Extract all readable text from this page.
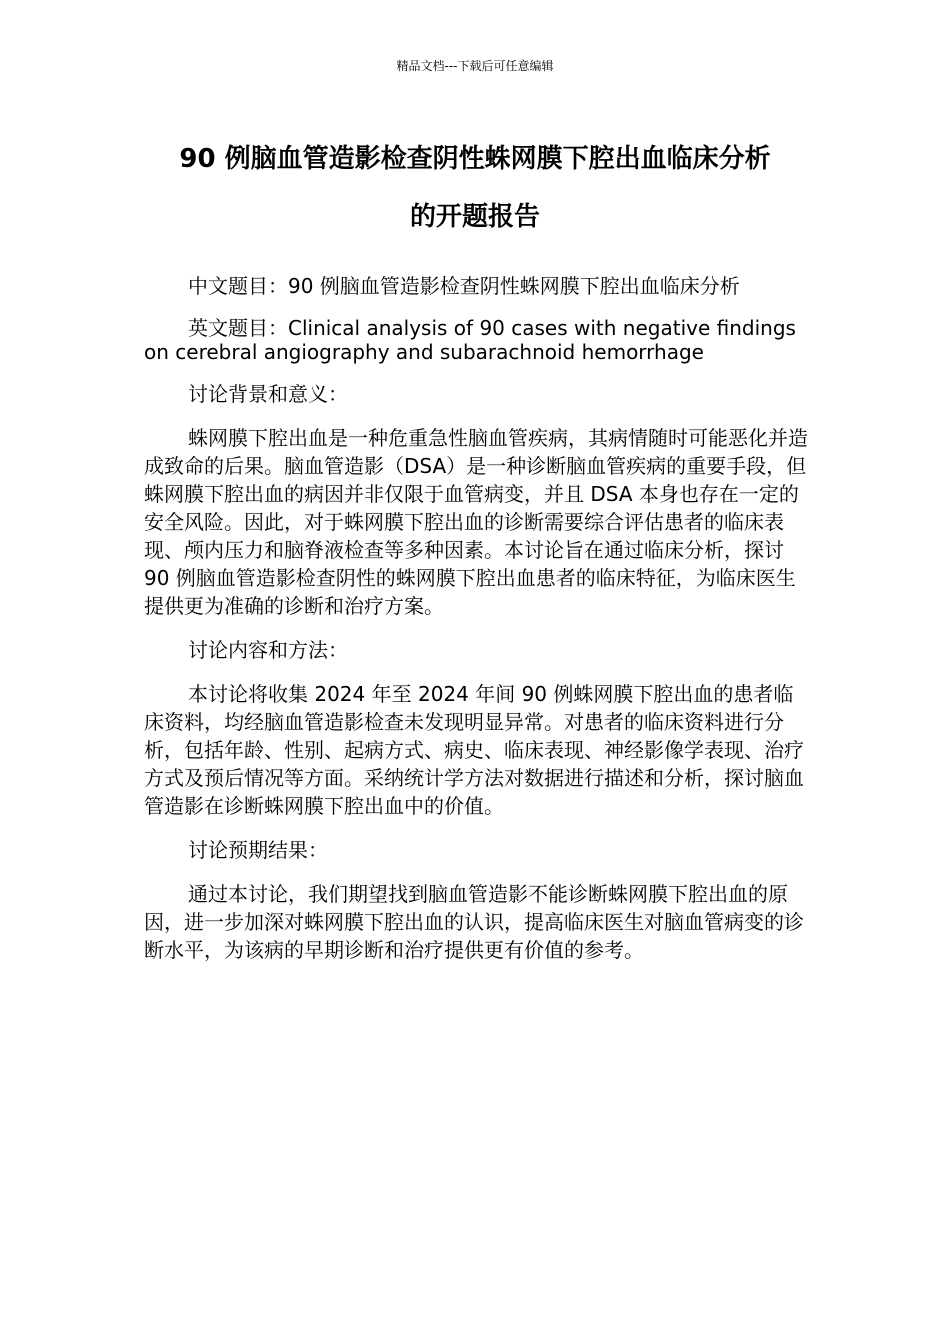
精品文档---下载后可任意编辑
90 例脑血管造影检查阴性蛛网膜下腔出血临床分析
的开题报告

中文题目：90 例脑血管造影检查阴性蛛网膜下腔出血临床分析

英文题目：Clinical analysis of 90 cases with negative findings on cerebral angiography and subarachnoid hemorrhage

讨论背景和意义：

蛛网膜下腔出血是一种危重急性脑血管疾病，其病情随时可能恶化并造成致命的后果。脑血管造影（DSA）是一种诊断脑血管疾病的重要手段，但蛛网膜下腔出血的病因并非仅限于血管病变，并且 DSA 本身也存在一定的安全风险。因此，对于蛛网膜下腔出血的诊断需要综合评估患者的临床表现、颅内压力和脑脊液检查等多种因素。本讨论旨在通过临床分析，探讨 90 例脑血管造影检查阴性的蛛网膜下腔出血患者的临床特征，为临床医生提供更为准确的诊断和治疗方案。

讨论内容和方法：

本讨论将收集 2024 年至 2024 年间 90 例蛛网膜下腔出血的患者临床资料，均经脑血管造影检查未发现明显异常。对患者的临床资料进行分析，包括年龄、性别、起病方式、病史、临床表现、神经影像学表现、治疗方式及预后情况等方面。采纳统计学方法对数据进行描述和分析，探讨脑血管造影在诊断蛛网膜下腔出血中的价值。

讨论预期结果：

通过本讨论，我们期望找到脑血管造影不能诊断蛛网膜下腔出血的原因，进一步加深对蛛网膜下腔出血的认识，提高临床医生对脑血管病变的诊断水平，为该病的早期诊断和治疗提供更有价值的参考。
